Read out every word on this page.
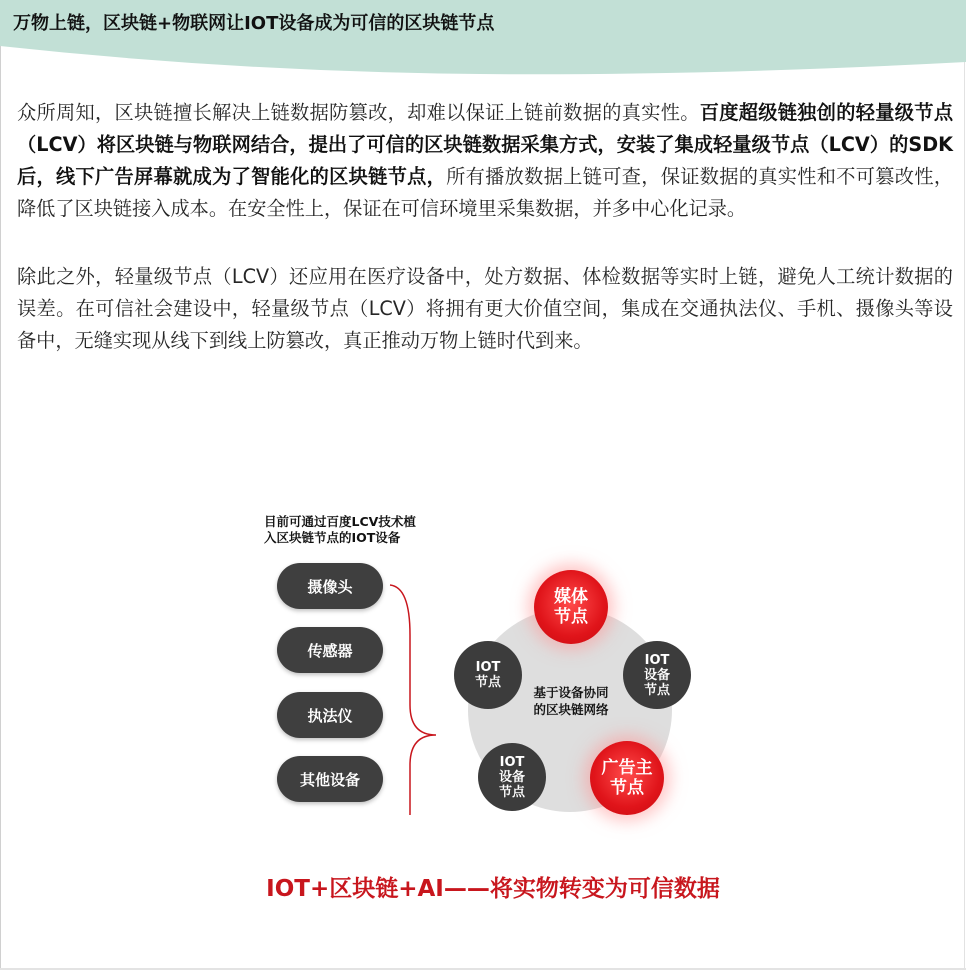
万物上链，区块链+物联网让IOT设备成为可信的区块链节点

众所周知，区块链擅长解决上链数据防篡改，却难以保证上链前数据的真实性。百度超级链独创的轻量级节点（LCV）将区块链与物联网结合，提出了可信的区块链数据采集方式，安装了集成轻量级节点（LCV）的SDK后，线下广告屏幕就成为了智能化的区块链节点，所有播放数据上链可查，保证数据的真实性和不可篡改性，降低了区块链接入成本。在安全性上，保证在可信环境里采集数据，并多中心化记录。

除此之外，轻量级节点（LCV）还应用在医疗设备中，处方数据、体检数据等实时上链，避免人工统计数据的误差。在可信社会建设中，轻量级节点（LCV）将拥有更大价值空间，集成在交通执法仪、手机、摄像头等设备中，无缝实现从线下到线上防篡改，真正推动万物上链时代到来。

目前可通过百度LCV技术植
入区块链节点的IOT设备

摄像头
传感器
执法仪
其他设备
基于设备协同
的区块链网络
媒体
节点
IOT
节点
IOT
设备
节点
IOT
设备
节点
广告主
节点

IOT+区块链+AI——将实物转变为可信数据
